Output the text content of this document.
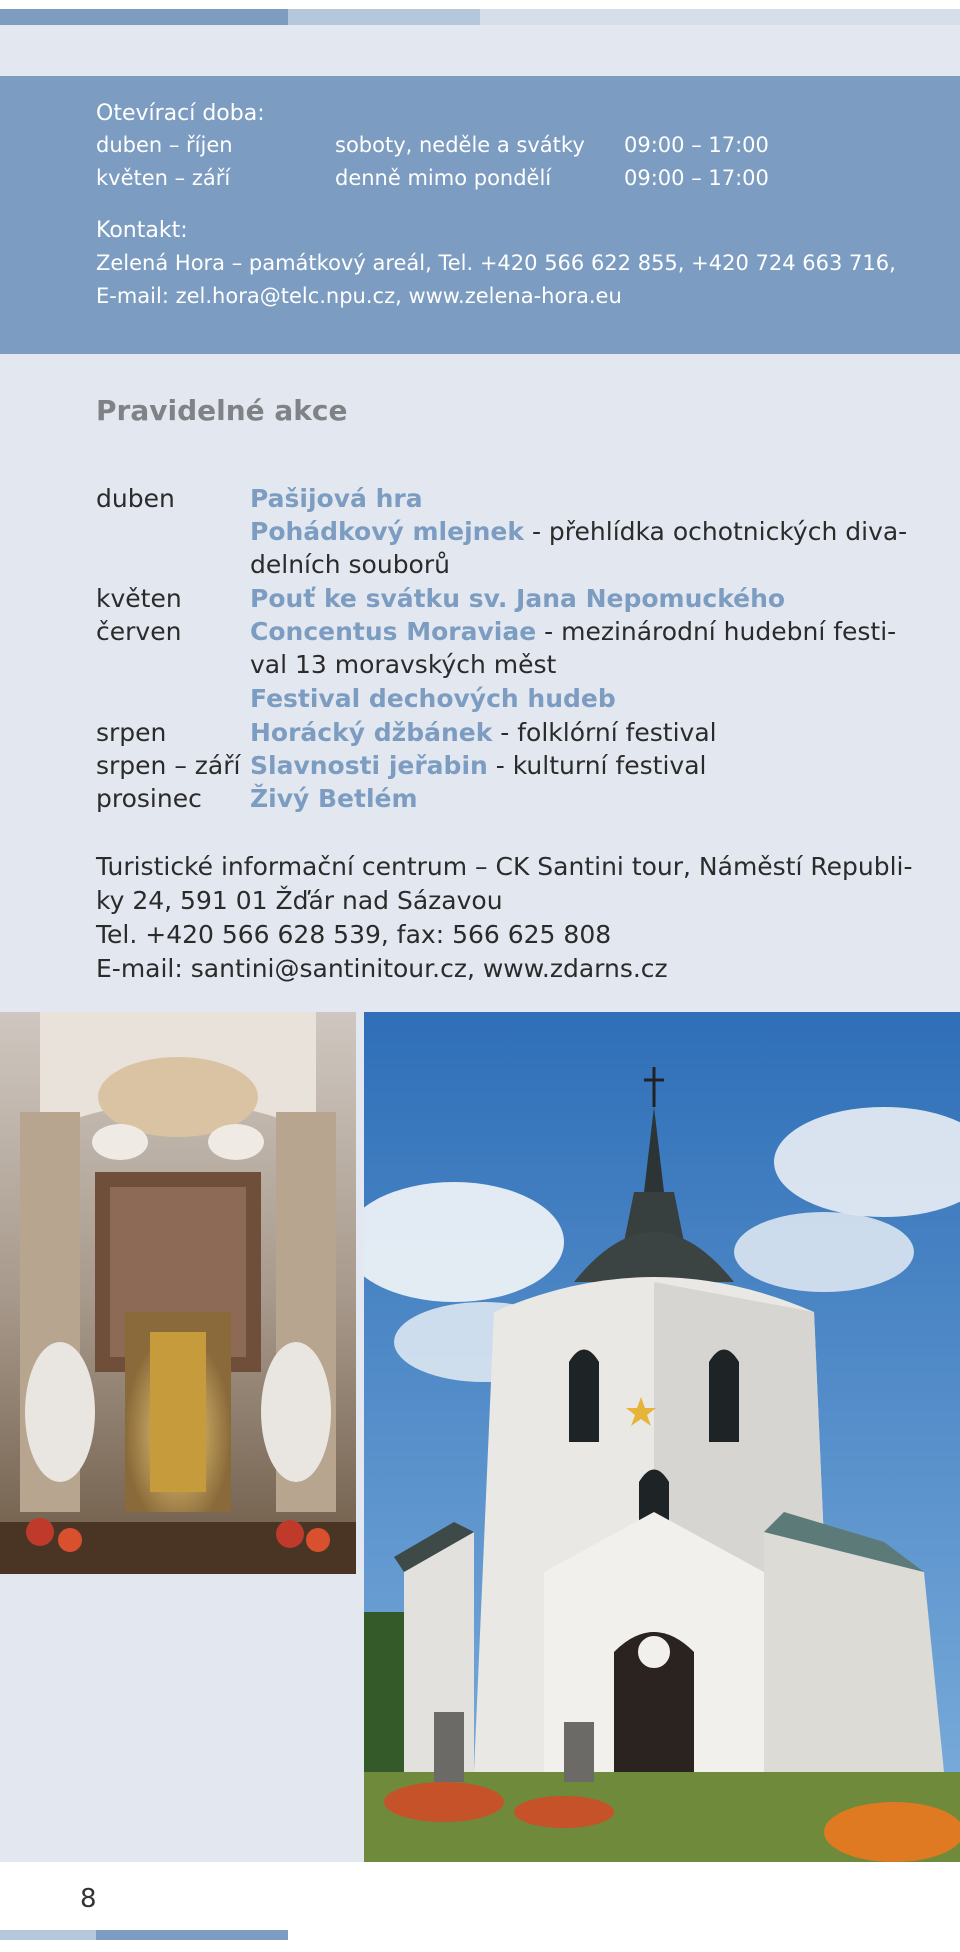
Otevírací doba:
duben – říjen	soboty, neděle a svátky 09:00 – 17:00
květen – září	denně mimo pondělí	09:00 – 17:00
Kontakt:
Zelená Hora – památkový areál, Tel. +420 566 622 855, +420 724 663 716,
E-mail: zel.hora@telc.npu.cz, www.zelena-hora.eu
Pravidelné akce
duben	Pašijová hra
Pohádkový mlejnek - přehlídka ochotnických diva-
delních souborů
květen	Pouť ke svátku sv. Jana Nepomuckého
červen	Concentus Moraviae - mezinárodní hudební festi-
val 13 moravských měst
Festival dechových hudeb
srpen	Horácký džbánek - folklórní festival
srpen – září Slavnosti jeřabin - kulturní festival
prosinec Živý Betlém
Turistické informační centrum – CK Santini tour, Náměstí Republi-
ky 24, 591 01 Žďár nad Sázavou
Tel. +420 566 628 539, fax: 566 625 808
E-mail: santini@santinitour.cz, www.zdarns.cz
8
